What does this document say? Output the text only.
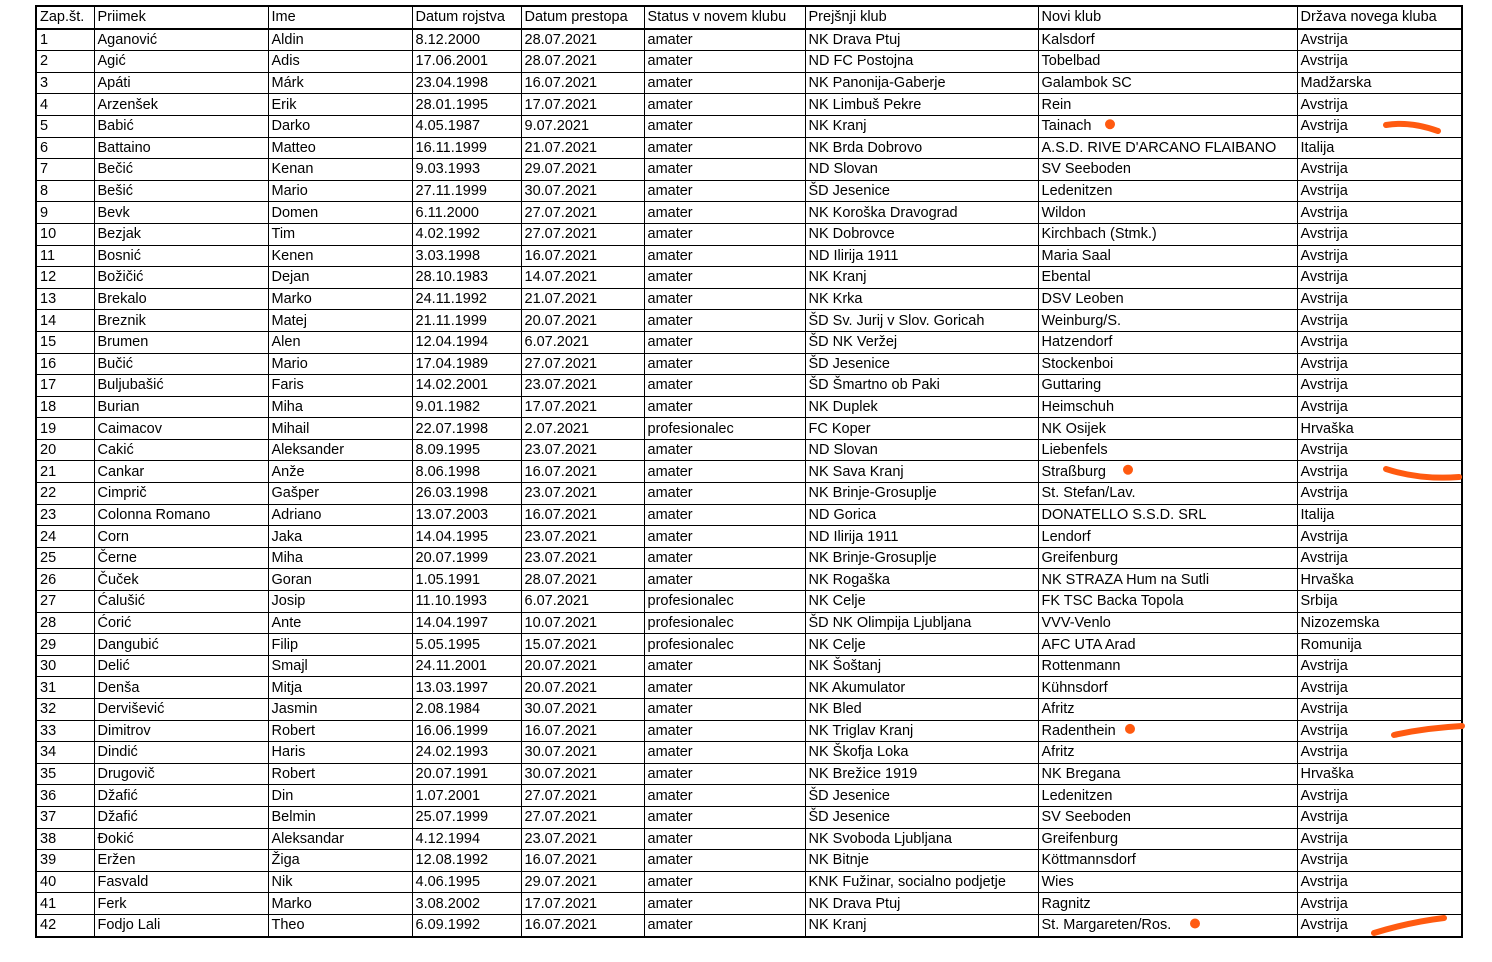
Zap.št.	Priimek	Ime	Datum rojstva	Datum prestopa	Status v novem klubu	Prejšnji klub	Novi klub	Država novega kluba
1	Aganović	Aldin	8.12.2000	28.07.2021	amater	NK Drava Ptuj	Kalsdorf	Avstrija
2	Agić	Adis	17.06.2001	28.07.2021	amater	ND FC Postojna	Tobelbad	Avstrija
3	Apáti	Márk	23.04.1998	16.07.2021	amater	NK Panonija-Gaberje	Galambok SC	Madžarska
4	Arzenšek	Erik	28.01.1995	17.07.2021	amater	NK Limbuš Pekre	Rein	Avstrija
5	Babić	Darko	4.05.1987	9.07.2021	amater	NK Kranj	Tainach	Avstrija
6	Battaino	Matteo	16.11.1999	21.07.2021	amater	NK Brda Dobrovo	A.S.D. RIVE D'ARCANO FLAIBANO	Italija
7	Bečić	Kenan	9.03.1993	29.07.2021	amater	ND Slovan	SV Seeboden	Avstrija
8	Bešić	Mario	27.11.1999	30.07.2021	amater	ŠD Jesenice	Ledenitzen	Avstrija
9	Bevk	Domen	6.11.2000	27.07.2021	amater	NK Koroška Dravograd	Wildon	Avstrija
10	Bezjak	Tim	4.02.1992	27.07.2021	amater	NK Dobrovce	Kirchbach (Stmk.)	Avstrija
11	Bosnić	Kenen	3.03.1998	16.07.2021	amater	ND Ilirija 1911	Maria Saal	Avstrija
12	Božičić	Dejan	28.10.1983	14.07.2021	amater	NK Kranj	Ebental	Avstrija
13	Brekalo	Marko	24.11.1992	21.07.2021	amater	NK Krka	DSV Leoben	Avstrija
14	Breznik	Matej	21.11.1999	20.07.2021	amater	ŠD Sv. Jurij v Slov. Goricah	Weinburg/S.	Avstrija
15	Brumen	Alen	12.04.1994	6.07.2021	amater	ŠD NK Veržej	Hatzendorf	Avstrija
16	Bučić	Mario	17.04.1989	27.07.2021	amater	ŠD Jesenice	Stockenboi	Avstrija
17	Buljubašić	Faris	14.02.2001	23.07.2021	amater	ŠD Šmartno ob Paki	Guttaring	Avstrija
18	Burian	Miha	9.01.1982	17.07.2021	amater	NK Duplek	Heimschuh	Avstrija
19	Caimacov	Mihail	22.07.1998	2.07.2021	profesionalec	FC Koper	NK Osijek	Hrvaška
20	Cakić	Aleksander	8.09.1995	23.07.2021	amater	ND Slovan	Liebenfels	Avstrija
21	Cankar	Anže	8.06.1998	16.07.2021	amater	NK Sava Kranj	Straßburg	Avstrija
22	Cimprič	Gašper	26.03.1998	23.07.2021	amater	NK Brinje-Grosuplje	St. Stefan/Lav.	Avstrija
23	Colonna Romano	Adriano	13.07.2003	16.07.2021	amater	ND Gorica	DONATELLO S.S.D. SRL	Italija
24	Corn	Jaka	14.04.1995	23.07.2021	amater	ND Ilirija 1911	Lendorf	Avstrija
25	Černe	Miha	20.07.1999	23.07.2021	amater	NK Brinje-Grosuplje	Greifenburg	Avstrija
26	Čuček	Goran	1.05.1991	28.07.2021	amater	NK Rogaška	NK STRAZA Hum na Sutli	Hrvaška
27	Ćalušić	Josip	11.10.1993	6.07.2021	profesionalec	NK Celje	FK TSC Backa Topola	Srbija
28	Ćorić	Ante	14.04.1997	10.07.2021	profesionalec	ŠD NK Olimpija Ljubljana	VVV-Venlo	Nizozemska
29	Dangubić	Filip	5.05.1995	15.07.2021	profesionalec	NK Celje	AFC UTA Arad	Romunija
30	Delić	Smajl	24.11.2001	20.07.2021	amater	NK Šoštanj	Rottenmann	Avstrija
31	Denša	Mitja	13.03.1997	20.07.2021	amater	NK Akumulator	Kühnsdorf	Avstrija
32	Dervišević	Jasmin	2.08.1984	30.07.2021	amater	NK Bled	Afritz	Avstrija
33	Dimitrov	Robert	16.06.1999	16.07.2021	amater	NK Triglav Kranj	Radenthein	Avstrija
34	Dindić	Haris	24.02.1993	30.07.2021	amater	NK Škofja Loka	Afritz	Avstrija
35	Drugovič	Robert	20.07.1991	30.07.2021	amater	NK Brežice 1919	NK Bregana	Hrvaška
36	Džafić	Din	1.07.2001	27.07.2021	amater	ŠD Jesenice	Ledenitzen	Avstrija
37	Džafić	Belmin	25.07.1999	27.07.2021	amater	ŠD Jesenice	SV Seeboden	Avstrija
38	Đokić	Aleksandar	4.12.1994	23.07.2021	amater	NK Svoboda Ljubljana	Greifenburg	Avstrija
39	Eržen	Žiga	12.08.1992	16.07.2021	amater	NK Bitnje	Köttmannsdorf	Avstrija
40	Fasvald	Nik	4.06.1995	29.07.2021	amater	KNK Fužinar, socialno podjetje	Wies	Avstrija
41	Ferk	Marko	3.08.2002	17.07.2021	amater	NK Drava Ptuj	Ragnitz	Avstrija
42	Fodjo Lali	Theo	6.09.1992	16.07.2021	amater	NK Kranj	St. Margareten/Ros.	Avstrija
